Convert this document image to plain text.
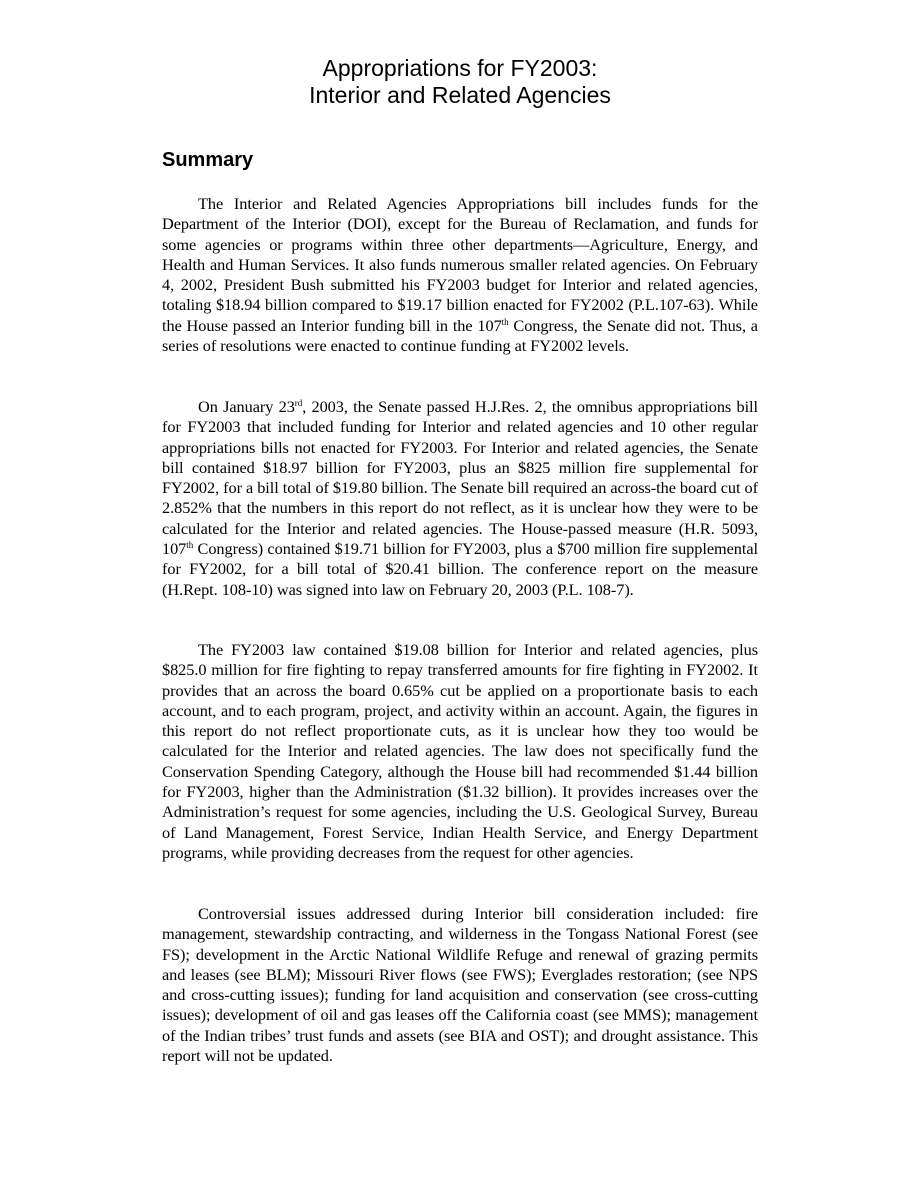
Appropriations for FY2003:
Interior and Related Agencies
Summary

The Interior and Related Agencies Appropriations bill includes funds for the Department of the Interior (DOI), except for the Bureau of Reclamation, and funds for some agencies or programs within three other departments—Agriculture, Energy, and Health and Human Services. It also funds numerous smaller related agencies. On February 4, 2002, President Bush submitted his FY2003 budget for Interior and related agencies, totaling $18.94 billion compared to $19.17 billion enacted for FY2002 (P.L.107-63). While the House passed an Interior funding bill in the 107th Congress, the Senate did not. Thus, a series of resolutions were enacted to continue funding at FY2002 levels.

On January 23rd, 2003, the Senate passed H.J.Res. 2, the omnibus appropriations bill for FY2003 that included funding for Interior and related agencies and 10 other regular appropriations bills not enacted for FY2003. For Interior and related agencies, the Senate bill contained $18.97 billion for FY2003, plus an $825 million fire supplemental for FY2002, for a bill total of $19.80 billion. The Senate bill required an across-the board cut of 2.852% that the numbers in this report do not reflect, as it is unclear how they were to be calculated for the Interior and related agencies. The House-passed measure (H.R. 5093, 107th Congress) contained $19.71 billion for FY2003, plus a $700 million fire supplemental for FY2002, for a bill total of $20.41 billion. The conference report on the measure (H.Rept. 108-10) was signed into law on February 20, 2003 (P.L. 108-7).

The FY2003 law contained $19.08 billion for Interior and related agencies, plus $825.0 million for fire fighting to repay transferred amounts for fire fighting in FY2002. It provides that an across the board 0.65% cut be applied on a proportionate basis to each account, and to each program, project, and activity within an account. Again, the figures in this report do not reflect proportionate cuts, as it is unclear how they too would be calculated for the Interior and related agencies. The law does not specifically fund the Conservation Spending Category, although the House bill had recommended $1.44 billion for FY2003, higher than the Administration ($1.32 billion). It provides increases over the Administration’s request for some agencies, including the U.S. Geological Survey, Bureau of Land Management, Forest Service, Indian Health Service, and Energy Department programs, while providing decreases from the request for other agencies.

Controversial issues addressed during Interior bill consideration included: fire management, stewardship contracting, and wilderness in the Tongass National Forest (see FS); development in the Arctic National Wildlife Refuge and renewal of grazing permits and leases (see BLM); Missouri River flows (see FWS); Everglades restoration; (see NPS and cross-cutting issues); funding for land acquisition and conservation (see cross-cutting issues); development of oil and gas leases off the California coast (see MMS); management of the Indian tribes’ trust funds and assets (see BIA and OST); and drought assistance. This report will not be updated.
